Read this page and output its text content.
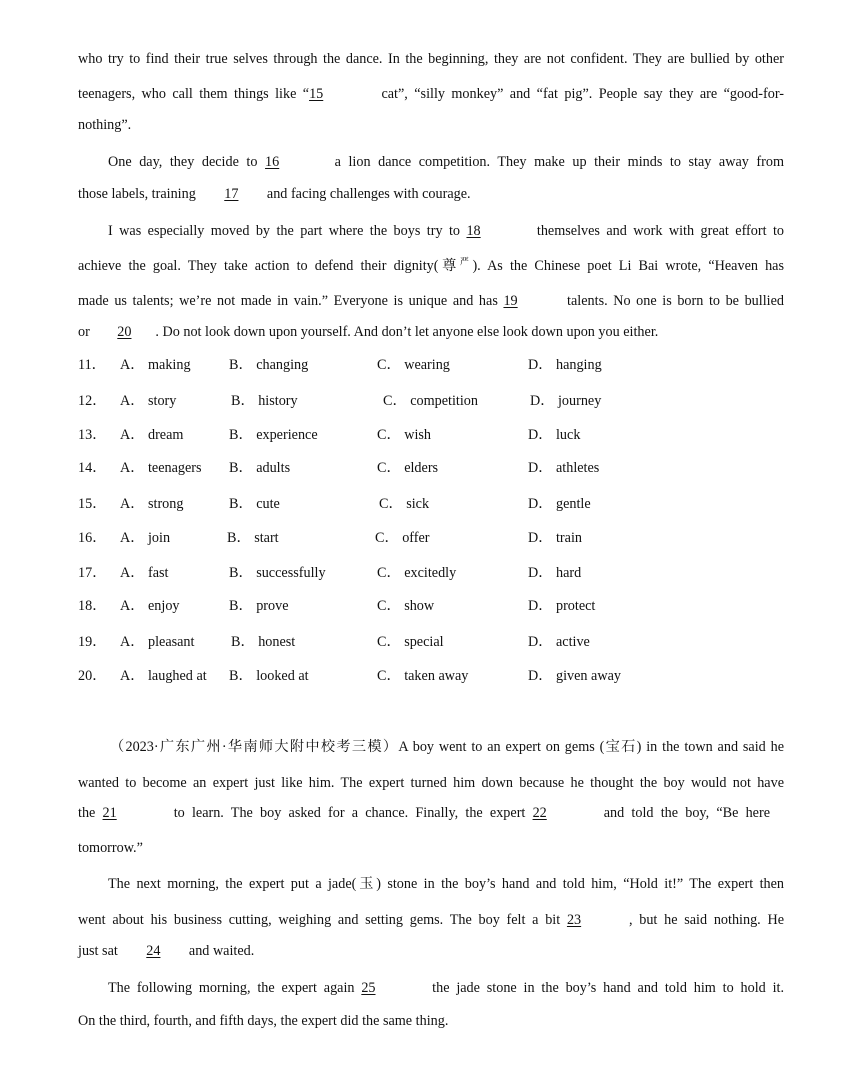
who try to find their true selves through the dance. In the beginning, they are not confident. They are bullied by other
teenagers, who call them things like “15	cat”, “silly monkey” and “fat pig”. People say they are “good-for-
nothing”.
One day, they decide to 16	a lion dance competition. They make up their minds to stay away from
those labels, training 17 and facing challenges with courage.
I was especially moved by the part where the boys try to 18	themselves and work with great effort to
achieve the goal. They take action to defend their dignity(尊$^严$). As the Chinese poet Li Bai wrote, “Heaven has
made us talents; we’re not made in vain.” Everyone is unique and has 19	talents. No one is born to be bullied
or 20 . Do not look down upon yourself. And don’t let anyone else look down upon you either.
11． A． making	B． changing	C． wearing	D． hanging
12． A． story	B． history	C． competition	D． journey
13． A． dream	B． experience	C． wish	D． luck
14． A． teenagers B． adults	C． elders	D． athletes
15． A． strong	B． cute	C． sick	D． gentle
16． A． join	B． start	C． offer	D． train
17． A． fast	B． successfully	C． excitedly	D． hard
18． A． enjoy	B． prove	C． show	D． protect
19． A． pleasant	B． honest	C． special	D． active
20． A． laughed at B． looked at	C． taken away	D． given away
（2023·广东广州·华南师大附中校考三模）A boy went to an expert on gems (宝石) in the town and said he
wanted to become an expert just like him. The expert turned him down because he thought the boy would not have
the 21	to learn. The boy asked for a chance. Finally, the expert 22	and told the boy, “Be here
tomorrow.”
The next morning, the expert put a jade(玉) stone in the boy’s hand and told him, “Hold it!” The expert then
went about his business cutting, weighing and setting gems. The boy felt a bit 23	, but he said nothing. He
just sat 24 and waited.
The following morning, the expert again 25	the jade stone in the boy’s hand and told him to hold it.
On the third, fourth, and fifth days, the expert did the same thing.
